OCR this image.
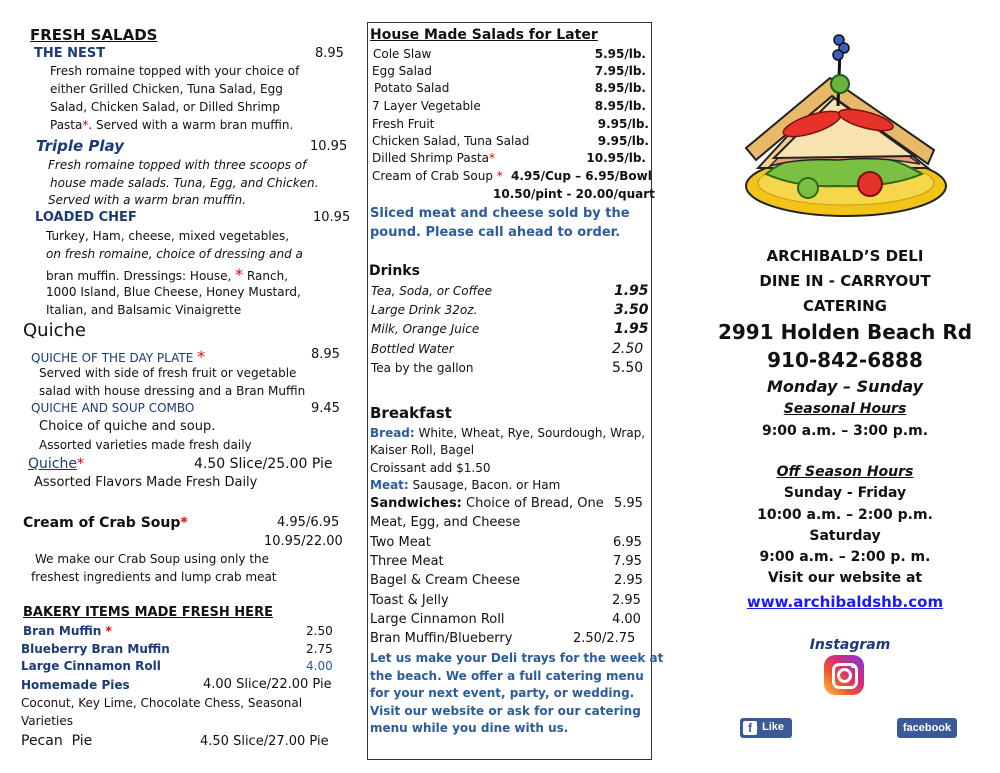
FRESH SALADS
THE NEST	8.95
Fresh romaine topped with your choice of
either Grilled Chicken, Tuna Salad, Egg
Salad, Chicken Salad, or Dilled Shrimp
Pasta*. Served with a warm bran muffin.
Triple Play	10.95
Fresh romaine topped with three scoops of
house made salads. Tuna, Egg, and Chicken.
Served with a warm bran muffin.
LOADED CHEF	10.95
Turkey, Ham, cheese, mixed vegetables,
on fresh romaine, choice of dressing and a
bran muffin. Dressings: House, * Ranch,
1000 Island, Blue Cheese, Honey Mustard,
Italian, and Balsamic Vinaigrette
Quiche
QUICHE OF THE DAY PLATE *	8.95
Served with side of fresh fruit or vegetable
salad with house dressing and a Bran Muffin
QUICHE AND SOUP COMBO	9.45
Choice of quiche and soup.
Assorted varieties made fresh daily
Quiche*	4.50 Slice/25.00 Pie
Assorted Flavors Made Fresh Daily
Cream of Crab Soup*	4.95/6.95
10.95/22.00
We make our Crab Soup using only the
freshest ingredients and lump crab meat
BAKERY ITEMS MADE FRESH HERE
Bran Muffin *	2.50
Blueberry Bran Muffin	2.75
Large Cinnamon Roll	4.00
Homemade Pies	4.00 Slice/22.00 Pie
Coconut, Key Lime, Chocolate Chess, Seasonal
Varieties
Pecan  Pie	4.50 Slice/27.00 Pie
House Made Salads for Later
Cole Slaw	5.95/lb.
Egg Salad	7.95/lb.
Potato Salad	8.95/lb.
7 Layer Vegetable	8.95/lb.
Fresh Fruit	9.95/lb.
Chicken Salad, Tuna Salad	9.95/lb.
Dilled Shrimp Pasta*	10.95/lb.
Cream of Crab Soup * 4.95/Cup – 6.95/Bowl
10.50/pint - 20.00/quart
Sliced meat and cheese sold by the
pound. Please call ahead to order.
Drinks
Tea, Soda, or Coffee	1.95
Large Drink 32oz.	3.50
Milk, Orange Juice	1.95
Bottled Water	2.50
Tea by the gallon	5.50
Breakfast
Bread: White, Wheat, Rye, Sourdough, Wrap,
Kaiser Roll, Bagel
Croissant add $1.50
Meat: Sausage, Bacon. or Ham
Sandwiches: Choice of Bread, One 5.95
Meat, Egg, and Cheese
Two Meat	6.95
Three Meat	7.95
Bagel & Cream Cheese	2.95
Toast & Jelly	2.95
Large Cinnamon Roll	4.00
Bran Muffin/Blueberry	2.50/2.75
Let us make your Deli trays for the week at
the beach. We offer a full catering menu
for your next event, party, or wedding.
Visit our website or ask for our catering
menu while you dine with us.
ARCHIBALD’S DELI
DINE IN - CARRYOUT
CATERING
2991 Holden Beach Rd
910-842-6888
Monday – Sunday
Seasonal Hours
9:00 a.m. – 3:00 p.m.
Off Season Hours
Sunday - Friday
10:00 a.m. – 2:00 p.m.
Saturday
9:00 a.m. – 2:00 p. m.
Visit our website at
www.archibaldshb.com
Instagram
f Like	facebook
